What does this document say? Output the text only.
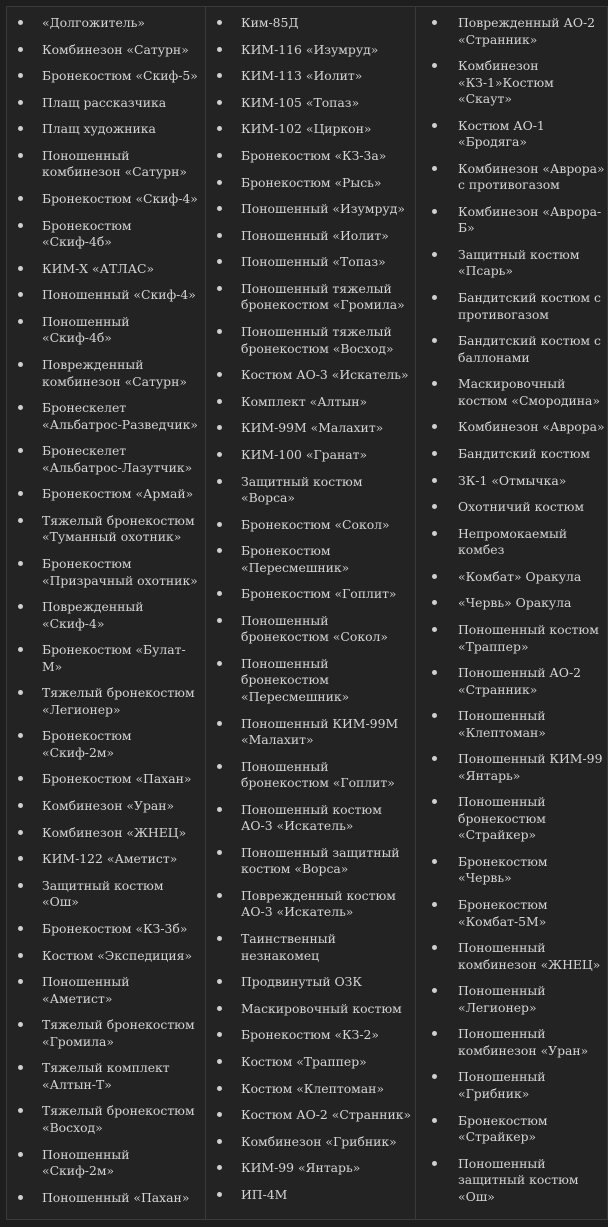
«Долгожитель»
Комбинезон «Сатурн»
Бронекостюм «Скиф-5»
Плащ рассказчика
Плащ художника
Поношенный комбинезон «Сатурн»
Бронекостюм «Скиф-4»
Бронекостюм «Скиф-4б»
КИМ-Х «АТЛАС»
Поношенный «Скиф-4»
Поношенный «Скиф-4б»
Поврежденный комбинезон «Сатурн»
Бронескелет «Альбатрос-Разведчик»
Бронескелет «Альбатрос-Лазутчик»
Бронекостюм «Армай»
Тяжелый бронекостюм «Туманный охотник»
Бронекостюм «Призрачный охотник»
Поврежденный «Скиф-4»
Бронекостюм «Булат-М»
Тяжелый бронекостюм «Легионер»
Бронекостюм «Скиф-2м»
Бронекостюм «Пахан»
Комбинезон «Уран»
Комбинезон «ЖНЕЦ»
КИМ-122 «Аметист»
Защитный костюм «Ош»
Бронекостюм «КЗ-3б»
Костюм «Экспедиция»
Поношенный «Аметист»
Тяжелый бронекостюм «Громила»
Тяжелый комплект «Алтын-Т»
Тяжелый бронекостюм «Восход»
Поношенный «Скиф-2м»
Поношенный «Пахан»
Ким-85Д
КИМ-116 «Изумруд»
КИМ-113 «Иолит»
КИМ-105 «Топаз»
КИМ-102 «Циркон»
Бронекостюм «КЗ-3а»
Бронекостюм «Рысь»
Поношенный «Изумруд»
Поношенный «Иолит»
Поношенный «Топаз»
Поношенный тяжелый бронекостюм «Громила»
Поношенный тяжелый бронекостюм «Восход»
Костюм АО-3 «Искатель»
Комплект «Алтын»
КИМ-99М «Малахит»
КИМ-100 «Гранат»
Защитный костюм «Ворса»
Бронекостюм «Сокол»
Бронекостюм «Пересмешник»
Бронекостюм «Гоплит»
Поношенный бронекостюм «Сокол»
Поношенный бронекостюм «Пересмешник»
Поношенный КИМ-99М «Малахит»
Поношенный бронекостюм «Гоплит»
Поношенный костюм АО-3 «Искатель»
Поношенный защитный костюм «Ворса»
Поврежденный костюм АО-3 «Искатель»
Таинственный незнакомец
Продвинутый ОЗК
Маскировочный костюм
Бронекостюм «КЗ-2»
Костюм «Траппер»
Костюм «Клептоман»
Костюм АО-2 «Странник»
Комбинезон «Грибник»
КИМ-99 «Янтарь»
ИП-4М
Поврежденный АО-2 «Странник»
Комбинезон «КЗ-1»Костюм «Скаут»
Костюм АО-1 «Бродяга»
Комбинезон «Аврора» с противогазом
Комбинезон «Аврора-Б»
Защитный костюм «Псарь»
Бандитский костюм с противогазом
Бандитский костюм с баллонами
Маскировочный костюм «Смородина»
Комбинезон «Аврора»
Бандитский костюм
ЗК-1 «Отмычка»
Охотничий костюм
Непромокаемый комбез
«Комбат» Оракула
«Червь» Оракула
Поношенный костюм «Траппер»
Поношенный АО-2 «Странник»
Поношенный «Клептоман»
Поношенный КИМ-99 «Янтарь»
Поношенный бронекостюм «Страйкер»
Бронекостюм «Червь»
Бронекостюм «Комбат-5М»
Поношенный комбинезон «ЖНЕЦ»
Поношенный «Легионер»
Поношенный комбинезон «Уран»
Поношенный «Грибник»
Бронекостюм «Страйкер»
Поношенный защитный костюм «Ош»
